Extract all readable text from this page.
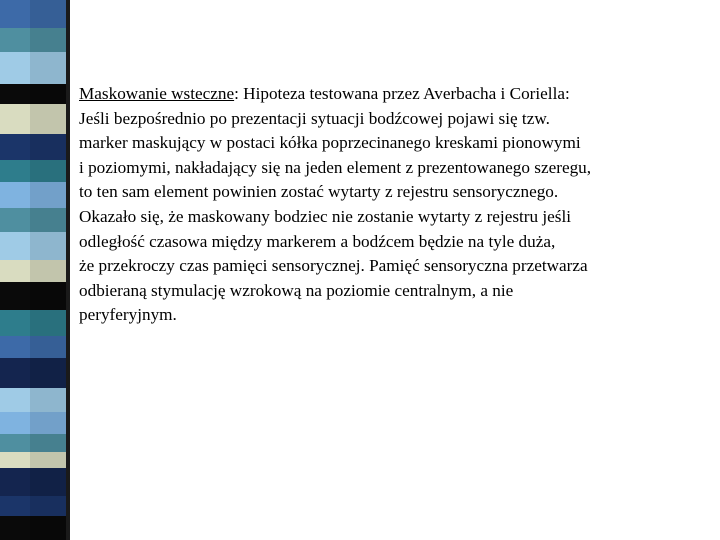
Maskowanie wsteczne: Hipoteza testowana przez Averbacha i Coriella:
Jeśli bezpośrednio po prezentacji sytuacji bodźcowej pojawi się tzw.
marker maskujący w postaci kółka poprzecinanego kreskami pionowymi
i poziomymi, nakładający się na jeden element z prezentowanego szeregu,
to ten sam element powinien zostać wytarty z rejestru sensorycznego.
Okazało się, że maskowany bodziec nie zostanie wytarty z rejestru jeśli
odległość czasowa między markerem a bodźcem będzie na tyle duża,
że przekroczy czas pamięci sensorycznej. Pamięć sensoryczna przetwarza
odbieraną stymulację wzrokową na poziomie centralnym, a nie
peryferyjnym.
